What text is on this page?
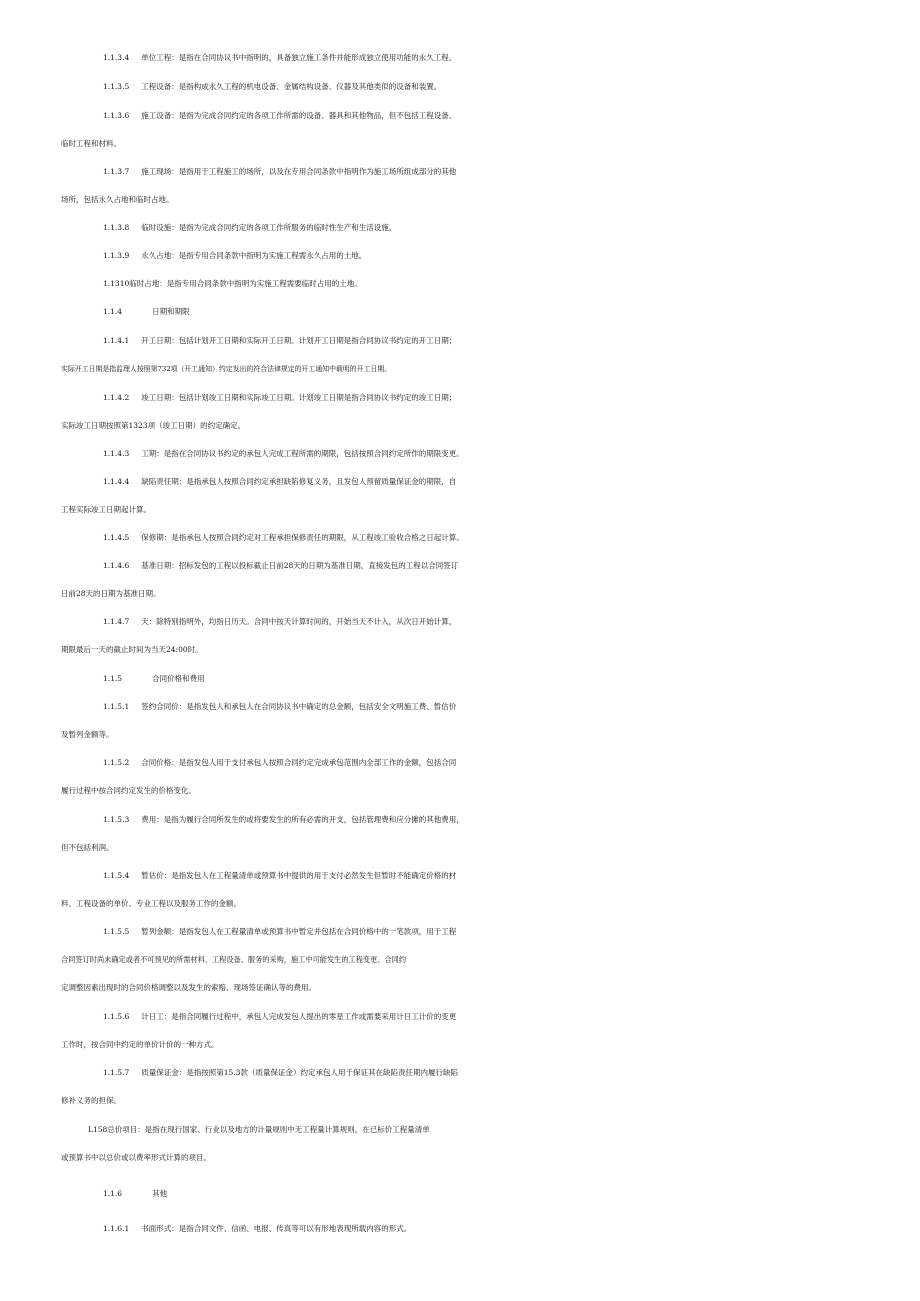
1.1.3.4 单位工程：是指在合同协议书中指明的，具备独立施工条件并能形成独立使用功能的永久工程。
1.1.3.5 工程设备：是指构成永久工程的机电设备、金属结构设备、仪器及其他类似的设备和装置。
1.1.3.6 施工设备：是指为完成合同约定的各项工作所需的设备、器具和其他物品，但不包括工程设备、
临时工程和材料。
1.1.3.7 施工现场：是指用于工程施工的场所，以及在专用合同条款中指明作为施工场所组成部分的其他
场所，包括永久占地和临时占地。
1.1.3.8 临时设施：是指为完成合同约定的各项工作所服务的临时性生产和生活设施。
1.1.3.9 永久占地：是指专用合同条款中指明为实施工程需永久占用的土地。
1.1310临时占地：是指专用合同条款中指明为实施工程需要临时占用的土地。
1.1.4	日期和期限
1.1.4.1 开工日期：包括计划开工日期和实际开工日期。计划开工日期是指合同协议书约定的开工日期；
实际开工日期是指监理人按照第732项（开工通知）约定发出的符合法律规定的开工通知中载明的开工日期。
1.1.4.2 竣工日期：包括计划竣工日期和实际竣工日期。计划竣工日期是指合同协议书约定的竣工日期；
实际竣工日期按照第1323项（竣工日期）的约定确定。
1.1.4.3 工期：是指在合同协议书约定的承包人完成工程所需的期限，包括按照合同约定所作的期限变更。
1.1.4.4 缺陷责任期：是指承包人按照合同约定承担缺陷修复义务，且发包人预留质量保证金的期限，自
工程实际竣工日期起计算。
1.1.4.5 保修期：是指承包人按照合同约定对工程承担保修责任的期限，从工程竣工验收合格之日起计算。
1.1.4.6 基准日期：招标发包的工程以投标截止日前28天的日期为基准日期，直接发包的工程以合同签订
日前28天的日期为基准日期。
1.1.4.7 天：除特别指明外，均指日历天。合同中按天计算时间的，开始当天不计入，从次日开始计算，
期限最后一天的截止时间为当天24:00时。
1.1.5	合同价格和费用
1.1.5.1 签约合同价：是指发包人和承包人在合同协议书中确定的总金额，包括安全文明施工费、暂估价
及暂列金额等。
1.1.5.2 合同价格：是指发包人用于支付承包人按照合同约定完成承包范围内全部工作的金额，包括合同
履行过程中按合同约定发生的价格变化。
1.1.5.3 费用：是指为履行合同所发生的或将要发生的所有必需的开支，包括管理费和应分摊的其他费用，
但不包括利润。
1.1.5.4 暂估价：是指发包人在工程量清单或预算书中提供的用于支付必然发生但暂时不能确定价格的材
料、工程设备的单价、专业工程以及服务工作的金额。
1.1.5.5 暂列金额：是指发包人在工程量清单或预算书中暂定并包括在合同价格中的一笔款项，用于工程
合同签订时尚未确定或者不可预见的所需材料、工程设备、服务的采购，施工中可能发生的工程变更、合同约
定调整因素出现时的合同价格调整以及发生的索赔、现场签证确认等的费用。
1.1.5.6 计日工：是指合同履行过程中，承包人完成发包人提出的零星工作或需要采用计日工计价的变更
工作时，按合同中约定的单价计价的一种方式。
1.1.5.7 质量保证金：是指按照第15.3款（质量保证金）约定承包人用于保证其在缺陷责任期内履行缺陷
修补义务的担保。
L158总价项目：是指在现行国家、行业以及地方的计量规则中无工程量计算规则，在已标价工程量清单
或预算书中以总价或以费率形式计算的项目。
1.1.6	其他
1.1.6.1 书面形式：是指合同文件、信函、电报、传真等可以有形地表现所载内容的形式。
